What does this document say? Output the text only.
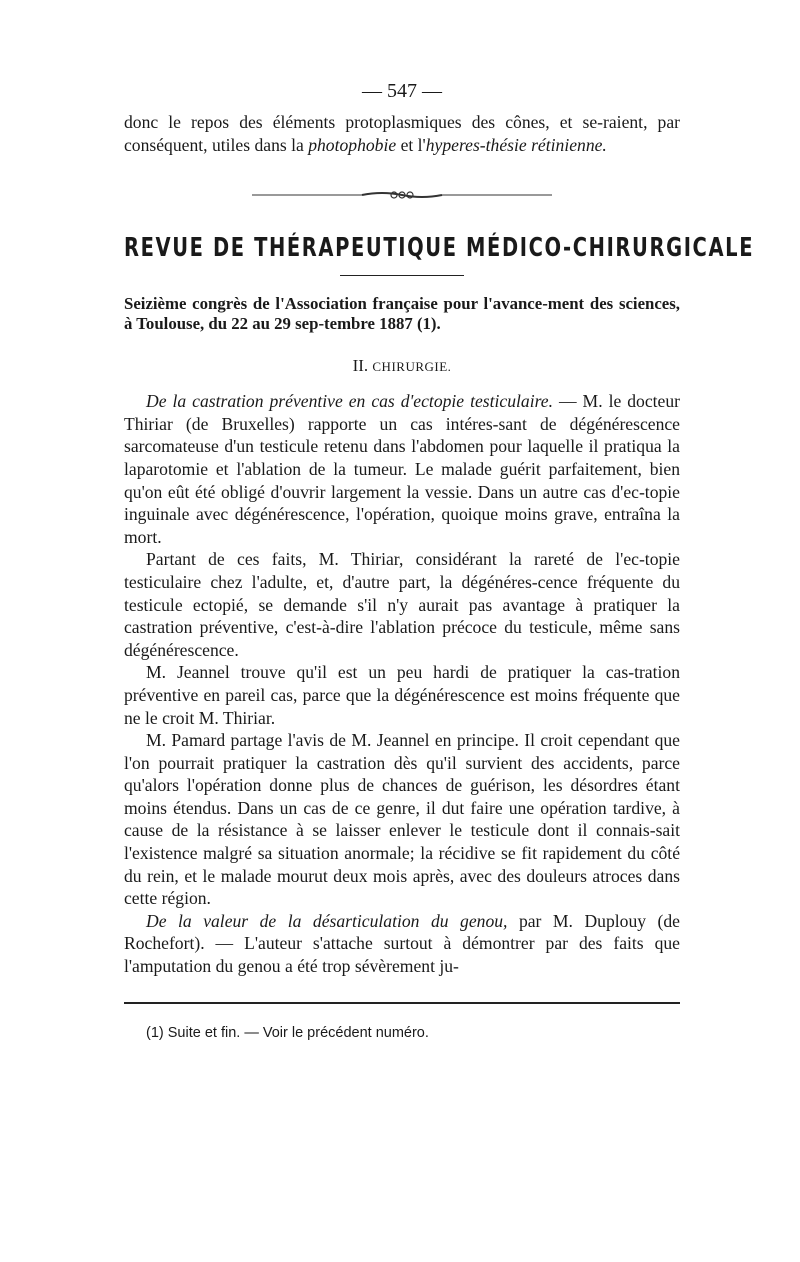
— 547 —

donc le repos des éléments protoplasmiques des cônes, et se-raient, par conséquent, utiles dans la photophobie et l'hyperes-thésie rétinienne.

REVUE DE THÉRAPEUTIQUE MÉDICO-CHIRURGICALE

Seizième congrès de l'Association française pour l'avance-ment des sciences, à Toulouse, du 22 au 29 sep-tembre 1887 (1).

II. CHIRURGIE.

De la castration préventive en cas d'ectopie testiculaire. — M. le docteur Thiriar (de Bruxelles) rapporte un cas intéres-sant de dégénérescence sarcomateuse d'un testicule retenu dans l'abdomen pour laquelle il pratiqua la laparotomie et l'ablation de la tumeur. Le malade guérit parfaitement, bien qu'on eût été obligé d'ouvrir largement la vessie. Dans un autre cas d'ec-topie inguinale avec dégénérescence, l'opération, quoique moins grave, entraîna la mort.

Partant de ces faits, M. Thiriar, considérant la rareté de l'ec-topie testiculaire chez l'adulte, et, d'autre part, la dégénéres-cence fréquente du testicule ectopié, se demande s'il n'y aurait pas avantage à pratiquer la castration préventive, c'est-à-dire l'ablation précoce du testicule, même sans dégénérescence.

M. Jeannel trouve qu'il est un peu hardi de pratiquer la cas-tration préventive en pareil cas, parce que la dégénérescence est moins fréquente que ne le croit M. Thiriar.

M. Pamard partage l'avis de M. Jeannel en principe. Il croit cependant que l'on pourrait pratiquer la castration dès qu'il survient des accidents, parce qu'alors l'opération donne plus de chances de guérison, les désordres étant moins étendus. Dans un cas de ce genre, il dut faire une opération tardive, à cause de la résistance à se laisser enlever le testicule dont il connais-sait l'existence malgré sa situation anormale; la récidive se fit rapidement du côté du rein, et le malade mourut deux mois après, avec des douleurs atroces dans cette région.

De la valeur de la désarticulation du genou, par M. Duplouy (de Rochefort). — L'auteur s'attache surtout à démontrer par des faits que l'amputation du genou a été trop sévèrement ju-

(1) Suite et fin. — Voir le précédent numéro.
